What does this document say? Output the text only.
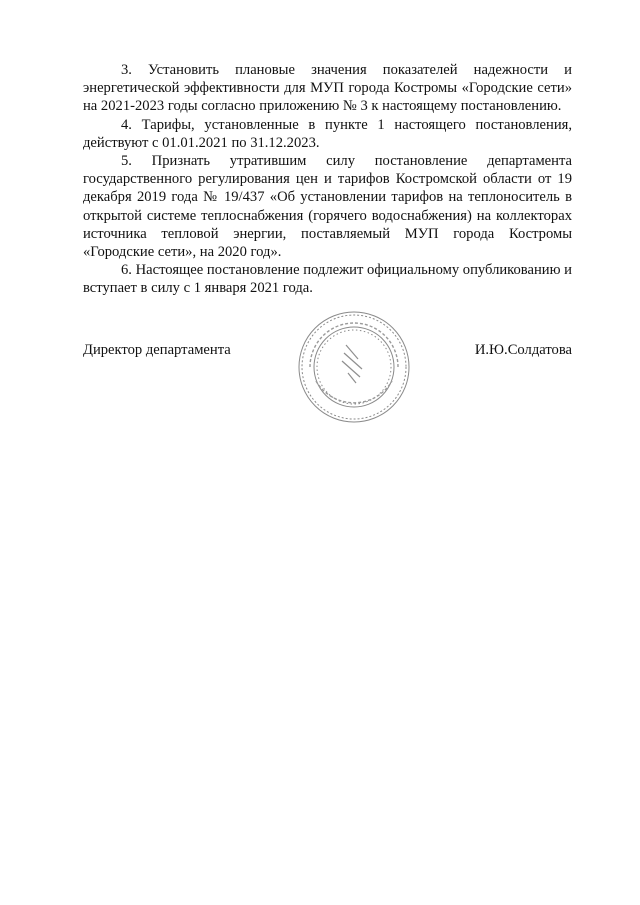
3. Установить плановые значения показателей надежности и энергетической эффективности для МУП города Костромы «Городские сети» на 2021-2023 годы согласно приложению № 3 к настоящему постановлению.

4. Тарифы, установленные в пункте 1 настоящего постановления, действуют с 01.01.2021 по 31.12.2023.

5. Признать утратившим силу постановление департамента государственного регулирования цен и тарифов Костромской области от 19 декабря 2019 года № 19/437 «Об установлении тарифов на теплоноситель в открытой системе теплоснабжения (горячего водоснабжения) на коллекторах источника тепловой энергии, поставляемый МУП города Костромы «Городские сети», на 2020 год».

6. Настоящее постановление подлежит официальному опубликованию и вступает в силу с 1 января 2021 года.

Директор департамента	И.Ю.Солдатова
